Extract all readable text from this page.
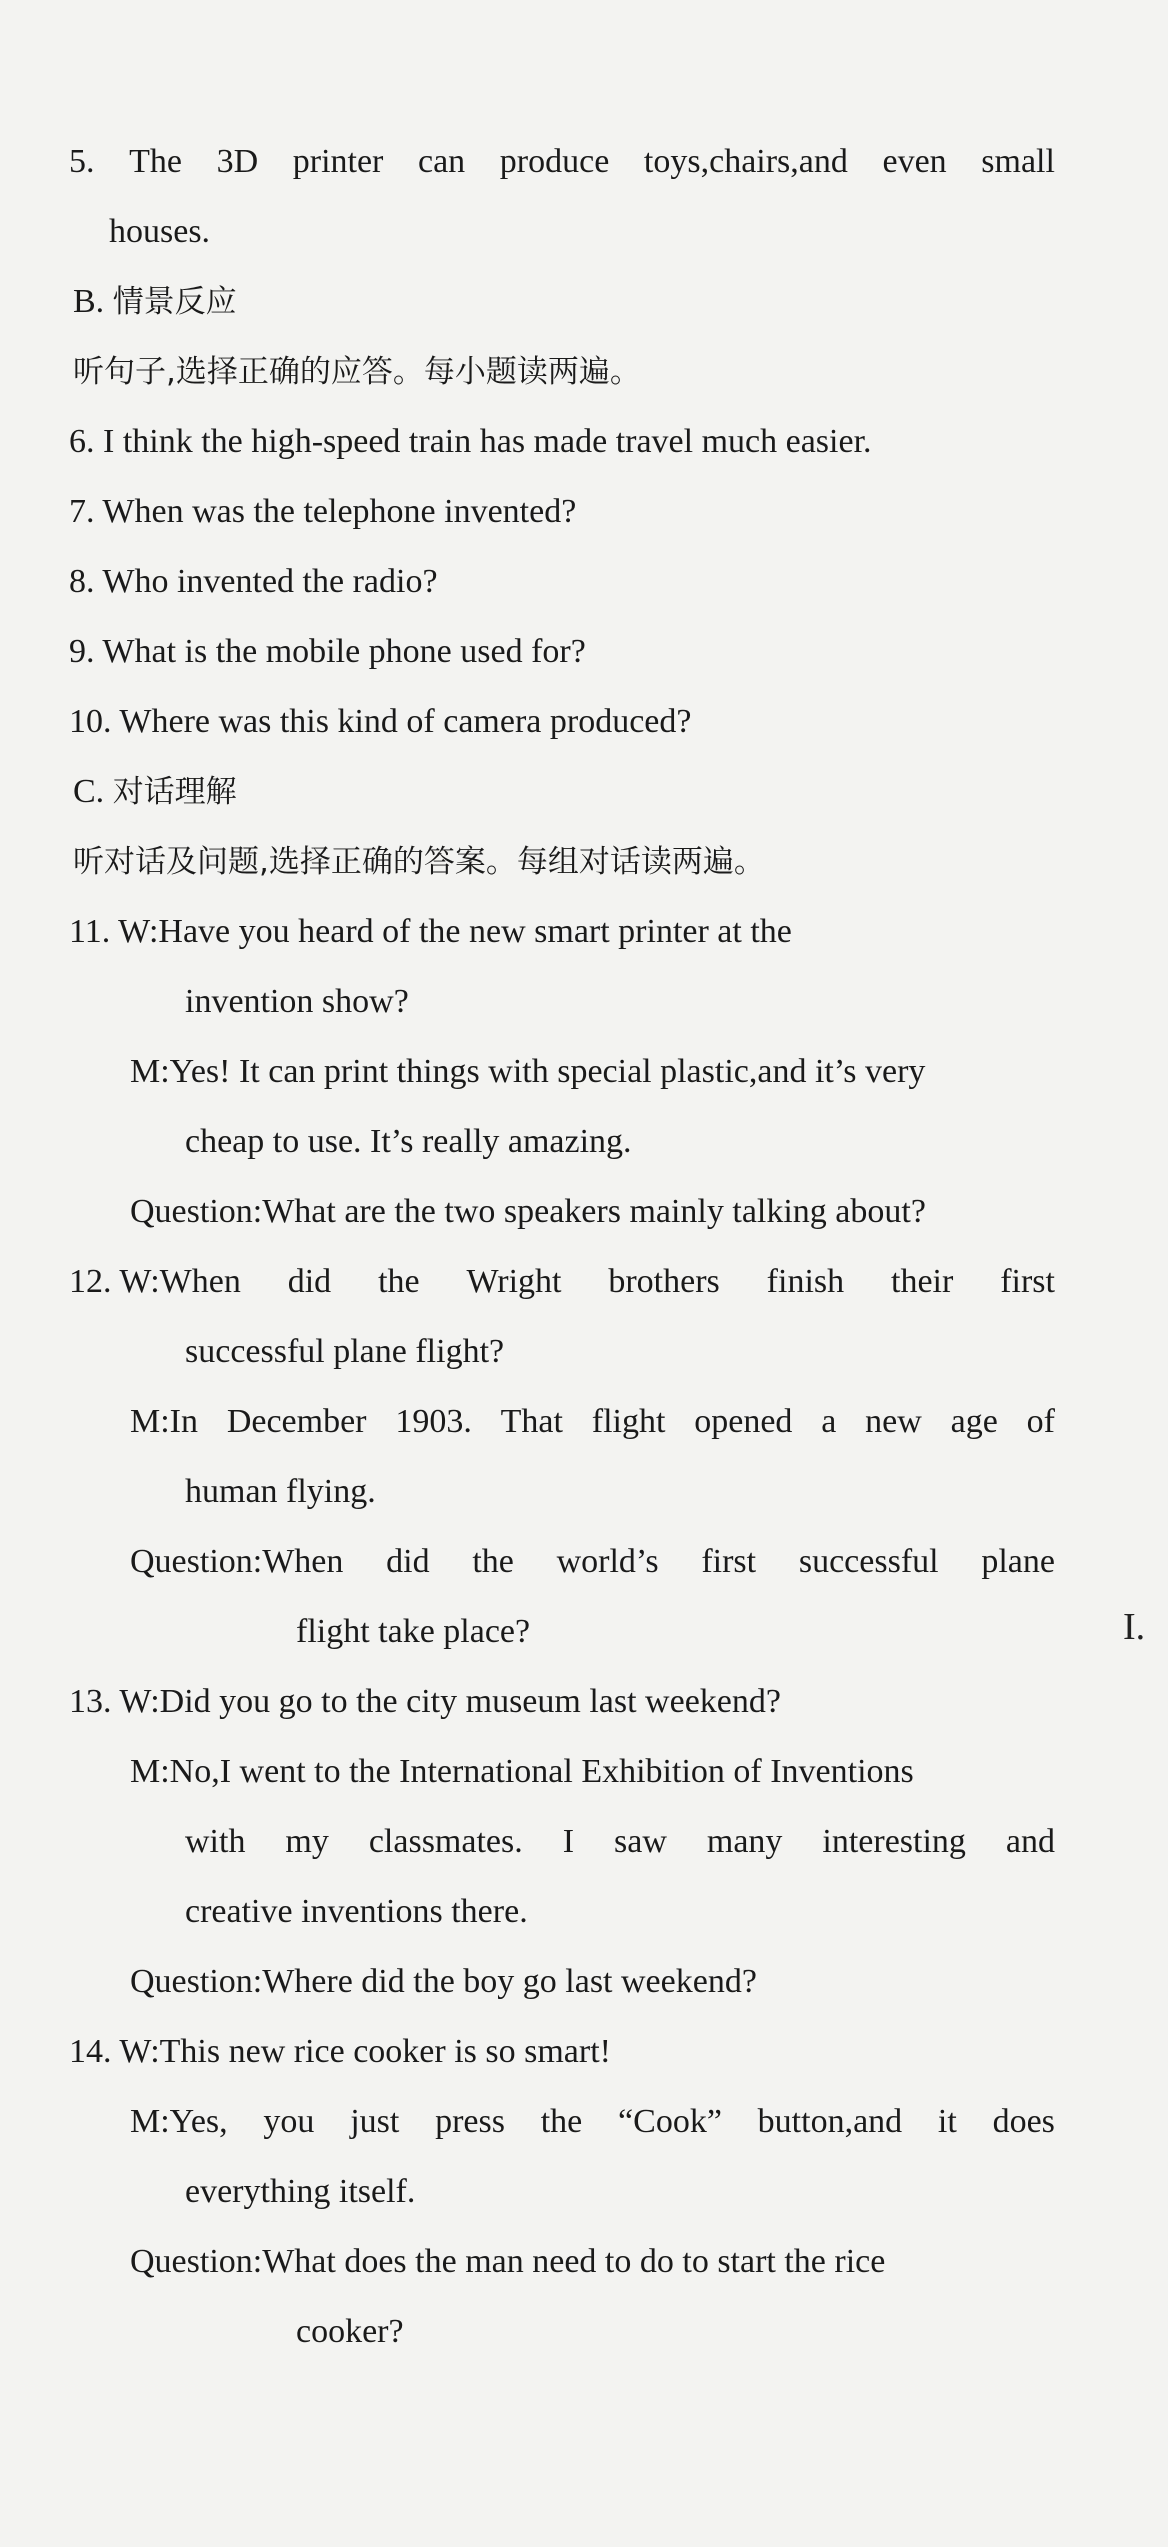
5. The 3D printer can produce toys,chairs,and even small

houses.

B. 情景反应

听句子,选择正确的应答。每小题读两遍。

6. I think the high-speed train has made travel much easier.

7. When was the telephone invented?

8. Who invented the radio?

9. What is the mobile phone used for?

10. Where was this kind of camera produced?

C. 对话理解

听对话及问题,选择正确的答案。每组对话读两遍。

11. W:Have you heard of the new smart printer at the

invention show?

M:Yes! It can print things with special plastic,and it’s very

cheap to use. It’s really amazing.

Question:What are the two speakers mainly talking about?

12. W:When did the Wright brothers finish their first

successful plane flight?

M:In December 1903. That flight opened a new age of

human flying.

Question:When did the world’s first successful plane

flight take place?	I.

13. W:Did you go to the city museum last weekend?

M:No,I went to the International Exhibition of Inventions

with my classmates. I saw many interesting and

creative inventions there.

Question:Where did the boy go last weekend?

14. W:This new rice cooker is so smart!

M:Yes, you just press the “Cook” button,and it does

everything itself.

Question:What does the man need to do to start the rice

cooker?
